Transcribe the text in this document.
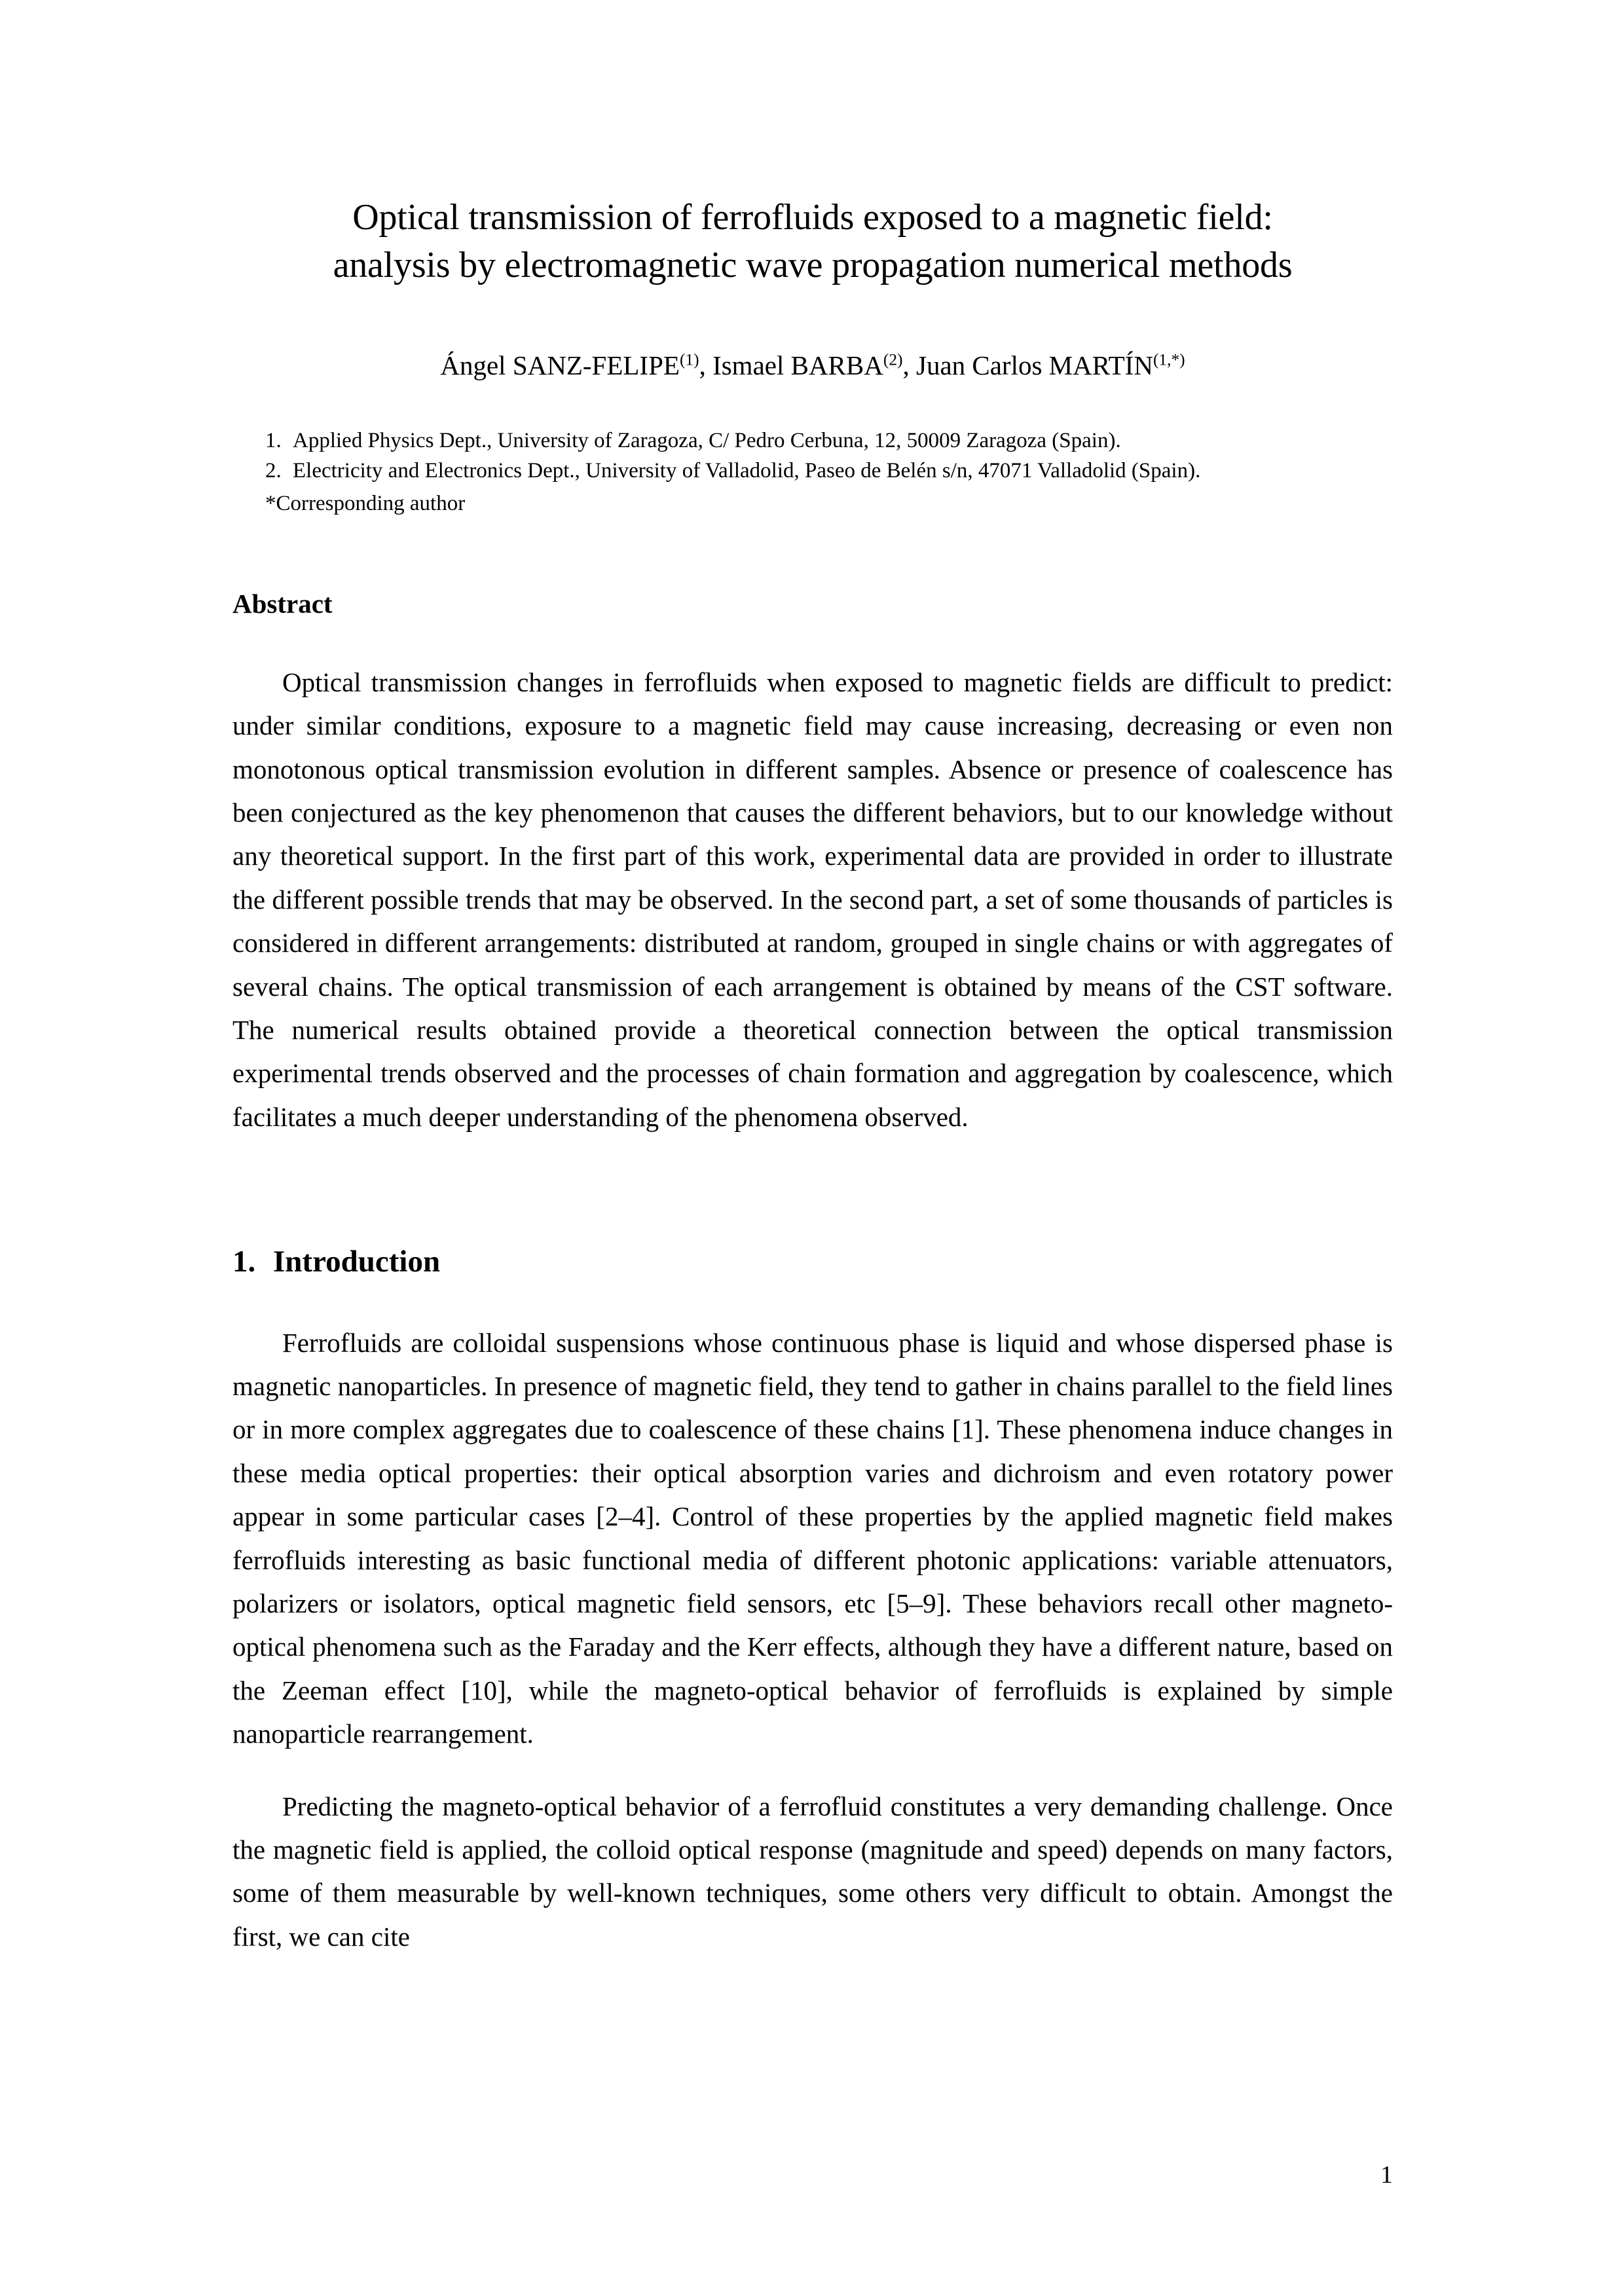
Optical transmission of ferrofluids exposed to a magnetic field:
analysis by electromagnetic wave propagation numerical methods
Ángel SANZ-FELIPE$^{(1)}$, Ismael BARBA$^{(2)}$, Juan Carlos $MARTÍN^{(1,*)}$
1. Applied Physics Dept., University of Zaragoza, C/ Pedro Cerbuna, 12, 50009 Zaragoza (Spain).
2. Electricity and Electronics Dept., University of Valladolid, Paseo de Belén s/n, 47071 Valladolid (Spain).
*Corresponding author
Abstract
Optical transmission changes in ferrofluids when exposed to magnetic fields are difficult to predict: under similar conditions, exposure to a magnetic field may cause increasing, decreasing or even non monotonous optical transmission evolution in different samples. Absence or presence of coalescence has been conjectured as the key phenomenon that causes the different behaviors, but to our knowledge without any theoretical support. In the first part of this work, experimental data are provided in order to illustrate the different possible trends that may be observed. In the second part, a set of some thousands of particles is considered in different arrangements: distributed at random, grouped in single chains or with aggregates of several chains. The optical transmission of each arrangement is obtained by means of the CST software. The numerical results obtained provide a theoretical connection between the optical transmission experimental trends observed and the processes of chain formation and aggregation by coalescence, which facilitates a much deeper understanding of the phenomena observed.
1. Introduction
Ferrofluids are colloidal suspensions whose continuous phase is liquid and whose dispersed phase is magnetic nanoparticles. In presence of magnetic field, they tend to gather in chains parallel to the field lines or in more complex aggregates due to coalescence of these chains [1]. These phenomena induce changes in these media optical properties: their optical absorption varies and dichroism and even rotatory power appear in some particular cases [2–4]. Control of these properties by the applied magnetic field makes ferrofluids interesting as basic functional media of different photonic applications: variable attenuators, polarizers or isolators, optical magnetic field sensors, etc [5–9]. These behaviors recall other magneto-optical phenomena such as the Faraday and the Kerr effects, although they have a different nature, based on the Zeeman effect [10], while the magneto-optical behavior of ferrofluids is explained by simple nanoparticle rearrangement.
Predicting the magneto-optical behavior of a ferrofluid constitutes a very demanding challenge. Once the magnetic field is applied, the colloid optical response (magnitude and speed) depends on many factors, some of them measurable by well-known techniques, some others very difficult to obtain. Amongst the first, we can cite
1
